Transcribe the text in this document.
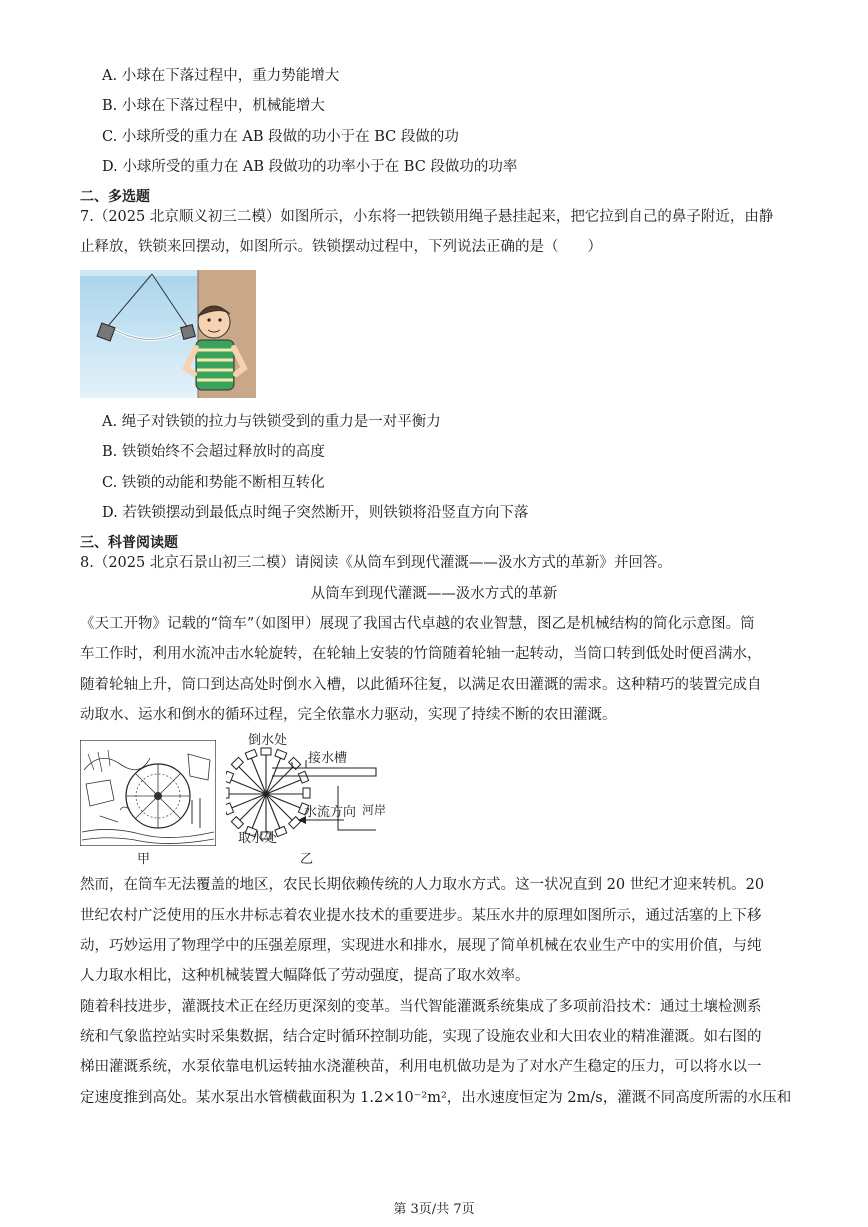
A. 小球在下落过程中，重力势能增大
B. 小球在下落过程中，机械能增大
C. 小球所受的重力在 AB 段做的功小于在 BC 段做的功
D. 小球所受的重力在 AB 段做功的功率小于在 BC 段做功的功率
二、多选题
7.（2025 北京顺义初三二模）如图所示，小东将一把铁锁用绳子悬挂起来，把它拉到自己的鼻子附近，由静
止释放，铁锁来回摆动，如图所示。铁锁摆动过程中，下列说法正确的是（　　）
A. 绳子对铁锁的拉力与铁锁受到的重力是一对平衡力
B. 铁锁始终不会超过释放时的高度
C. 铁锁的动能和势能不断相互转化
D. 若铁锁摆动到最低点时绳子突然断开，则铁锁将沿竖直方向下落
三、科普阅读题
8.（2025 北京石景山初三二模）请阅读《从筒车到现代灌溉——汲水方式的革新》并回答。
从筒车到现代灌溉——汲水方式的革新
《天工开物》记载的“筒车”（如图甲）展现了我国古代卓越的农业智慧，图乙是机械结构的简化示意图。筒
车工作时，利用水流冲击水轮旋转，在轮轴上安装的竹筒随着轮轴一起转动，当筒口转到低处时便舀满水，
随着轮轴上升，筒口到达高处时倒水入槽，以此循环往复，以满足农田灌溉的需求。这种精巧的装置完成自
动取水、运水和倒水的循环过程，完全依靠水力驱动，实现了持续不断的农田灌溉。
甲
倒水处
接水槽
河岸
水流方向
取水处
乙
然而，在筒车无法覆盖的地区，农民长期依赖传统的人力取水方式。这一状况直到 20 世纪才迎来转机。20
世纪农村广泛使用的压水井标志着农业提水技术的重要进步。某压水井的原理如图所示，通过活塞的上下移
动，巧妙运用了物理学中的压强差原理，实现进水和排水，展现了简单机械在农业生产中的实用价值，与纯
人力取水相比，这种机械装置大幅降低了劳动强度，提高了取水效率。
随着科技进步，灌溉技术正在经历更深刻的变革。当代智能灌溉系统集成了多项前沿技术：通过土壤检测系
统和气象监控站实时采集数据，结合定时循环控制功能，实现了设施农业和大田农业的精准灌溉。如右图的
梯田灌溉系统，水泵依靠电机运转抽水浇灌秧苗，利用电机做功是为了对水产生稳定的压力，可以将水以一
定速度推到高处。某水泵出水管横截面积为 1.2×10⁻²m²，出水速度恒定为 2m/s，灌溉不同高度所需的水压和
第 3页/共 7页
